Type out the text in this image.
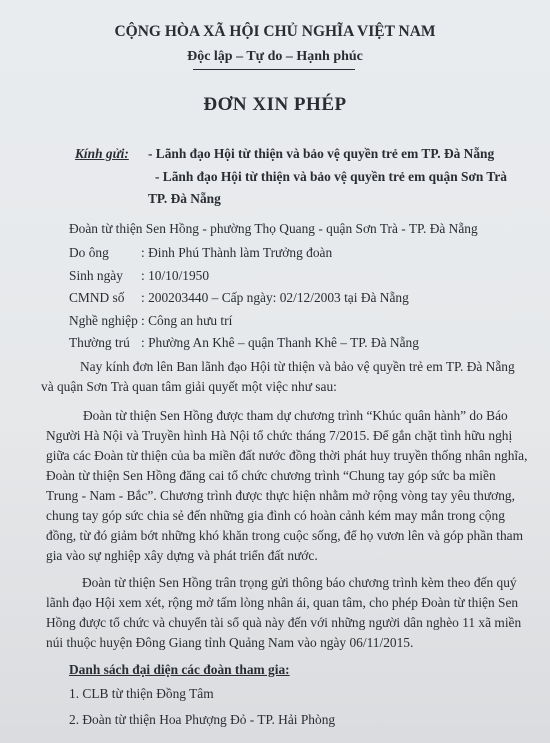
CỘNG HÒA XÃ HỘI CHỦ NGHĨA VIỆT NAM
Độc lập – Tự do – Hạnh phúc
ĐƠN XIN PHÉP
Kính gửi: - Lãnh đạo Hội từ thiện và bảo vệ quyền trẻ em TP. Đà Nẵng
- Lãnh đạo Hội từ thiện và bảo vệ quyền trẻ em quận Sơn Trà
TP. Đà Nẵng
Đoàn từ thiện Sen Hồng - phường Thọ Quang - quận Sơn Trà - TP. Đà Nẵng
Do ông : Đinh Phú Thành làm Trưởng đoàn
Sinh ngày : 10/10/1950
CMND số : 200203440 – Cấp ngày: 02/12/2003 tại Đà Nẵng
Nghề nghiệp : Công an hưu trí
Thường trú : Phường An Khê – quận Thanh Khê – TP. Đà Nẵng
Nay kính đơn lên Ban lãnh đạo Hội từ thiện và bảo vệ quyền trẻ em TP. Đà Nẵng
và quận Sơn Trà quan tâm giải quyết một việc như sau:
Đoàn từ thiện Sen Hồng được tham dự chương trình “Khúc quân hành” do Báo
Người Hà Nội và Truyền hình Hà Nội tổ chức tháng 7/2015. Để gắn chặt tình hữu nghị
giữa các Đoàn từ thiện của ba miền đất nước đồng thời phát huy truyền thống nhân nghĩa,
Đoàn từ thiện Sen Hồng đăng cai tổ chức chương trình “Chung tay góp sức ba miền
Trung - Nam - Bắc”. Chương trình được thực hiện nhằm mở rộng vòng tay yêu thương,
chung tay góp sức chia sẻ đến những gia đình có hoàn cảnh kém may mắn trong cộng
đồng, từ đó giảm bớt những khó khăn trong cuộc sống, để họ vươn lên và góp phần tham
gia vào sự nghiệp xây dựng và phát triển đất nước.
Đoàn từ thiện Sen Hồng trân trọng gửi thông báo chương trình kèm theo đến quý
lãnh đạo Hội xem xét, rộng mở tấm lòng nhân ái, quan tâm, cho phép Đoàn từ thiện Sen
Hồng được tổ chức và chuyển tài sổ quà này đến với những người dân nghèo 11 xã miền
núi thuộc huyện Đông Giang tỉnh Quảng Nam vào ngày 06/11/2015.
Danh sách đại diện các đoàn tham gia:
1. CLB từ thiện Đồng Tâm
2. Đoàn từ thiện Hoa Phượng Đỏ - TP. Hải Phòng
